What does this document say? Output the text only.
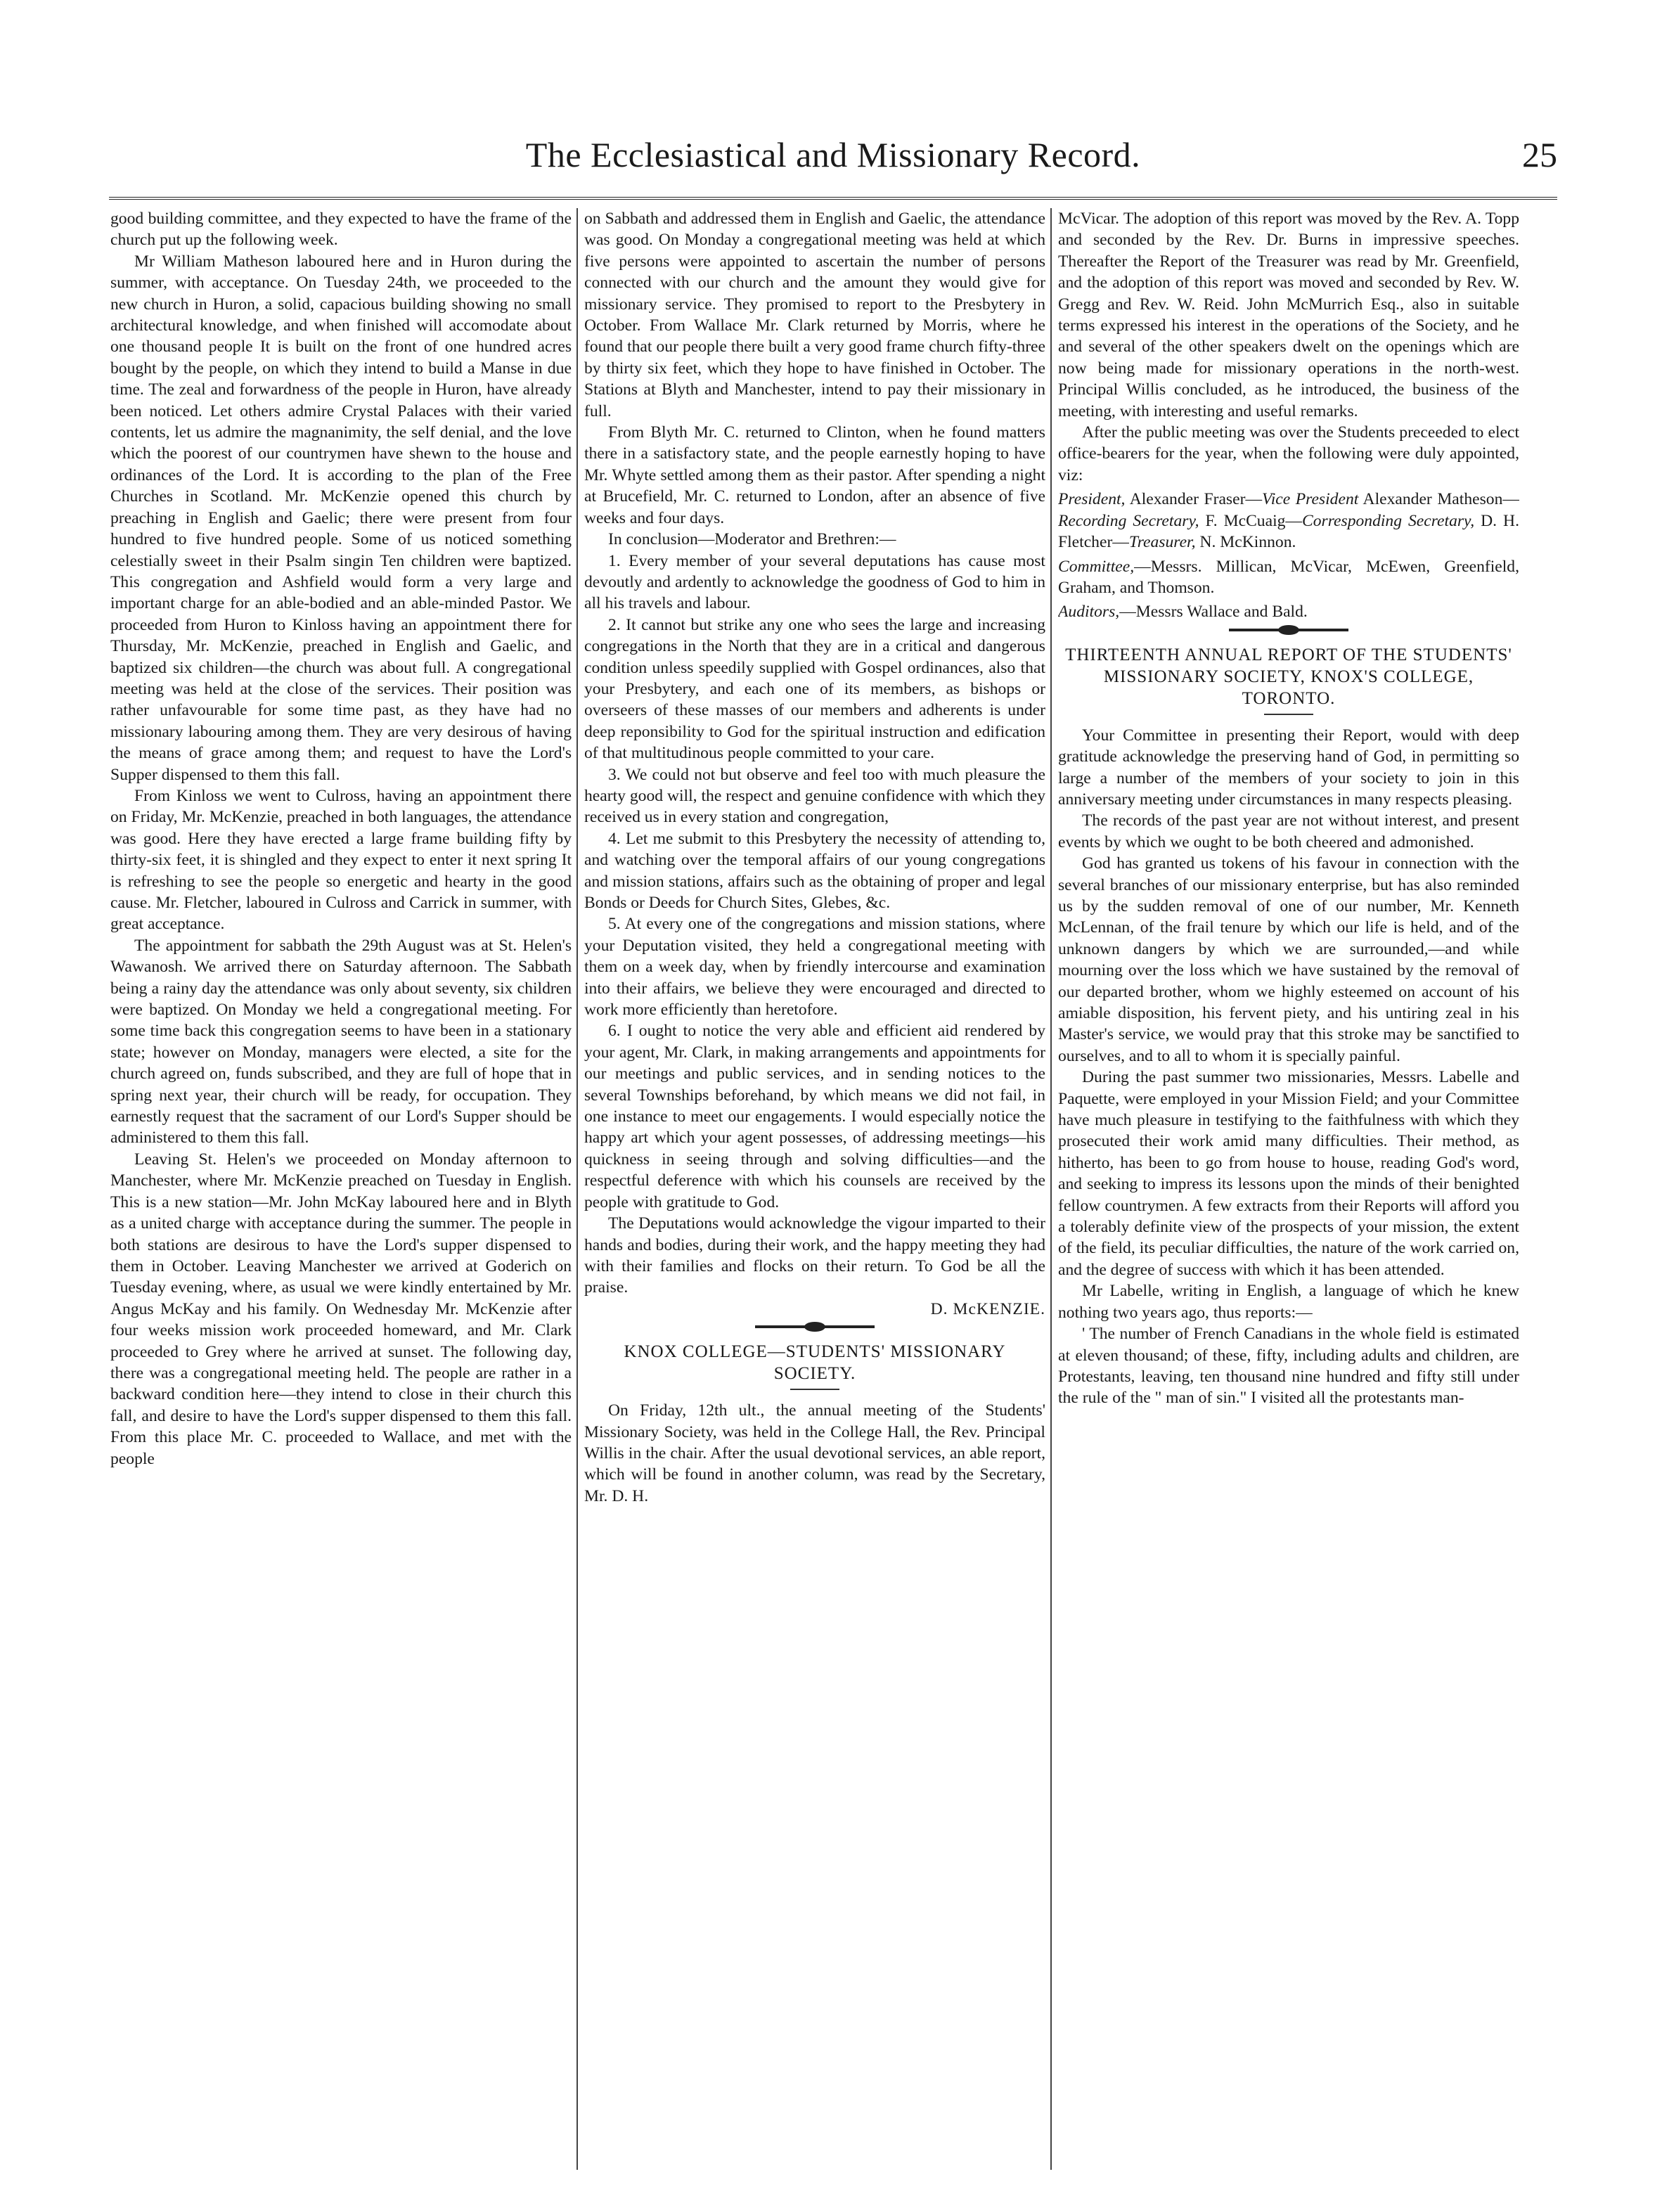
The Ecclesiastical and Missionary Record.	25

good building committee, and they expected to have the frame of the church put up the following week.

Mr William Matheson laboured here and in Huron during the summer, with acceptance. On Tuesday 24th, we proceeded to the new church in Huron, a solid, capacious building showing no small architectural knowledge, and when finished will accomodate about one thousand people It is built on the front of one hundred acres bought by the people, on which they intend to build a Manse in due time. The zeal and forwardness of the people in Huron, have already been noticed. Let others admire Crystal Palaces with their varied contents, let us admire the magnanimity, the self denial, and the love which the poorest of our countrymen have shewn to the house and ordinances of the Lord. It is according to the plan of the Free Churches in Scotland. Mr. McKenzie opened this church by preaching in English and Gaelic; there were present from four hundred to five hundred people. Some of us noticed something celestially sweet in their Psalm singin Ten children were baptized. This congregation and Ashfield would form a very large and important charge for an able-bodied and an able-minded Pastor. We proceeded from Huron to Kinloss having an appointment there for Thursday, Mr. McKenzie, preached in English and Gaelic, and baptized six children—the church was about full. A congregational meeting was held at the close of the services. Their position was rather unfavourable for some time past, as they have had no missionary labouring among them. They are very desirous of having the means of grace among them; and request to have the Lord's Supper dispensed to them this fall.

From Kinloss we went to Culross, having an appointment there on Friday, Mr. McKenzie, preached in both languages, the attendance was good. Here they have erected a large frame building fifty by thirty-six feet, it is shingled and they expect to enter it next spring It is refreshing to see the people so energetic and hearty in the good cause. Mr. Fletcher, laboured in Culross and Carrick in summer, with great acceptance.

The appointment for sabbath the 29th August was at St. Helen's Wawanosh. We arrived there on Saturday afternoon. The Sabbath being a rainy day the attendance was only about seventy, six children were baptized. On Monday we held a congregational meeting. For some time back this congregation seems to have been in a stationary state; however on Monday, managers were elected, a site for the church agreed on, funds subscribed, and they are full of hope that in spring next year, their church will be ready, for occupation. They earnestly request that the sacrament of our Lord's Supper should be administered to them this fall.

Leaving St. Helen's we proceeded on Monday afternoon to Manchester, where Mr. McKenzie preached on Tuesday in English. This is a new station—Mr. John McKay laboured here and in Blyth as a united charge with acceptance during the summer. The people in both stations are desirous to have the Lord's supper dispensed to them in October. Leaving Manchester we arrived at Goderich on Tuesday evening, where, as usual we were kindly entertained by Mr. Angus McKay and his family. On Wednesday Mr. McKenzie after four weeks mission work proceeded homeward, and Mr. Clark proceeded to Grey where he arrived at sunset. The following day, there was a congregational meeting held. The people are rather in a backward condition here—they intend to close in their church this fall, and desire to have the Lord's supper dispensed to them this fall. From this place Mr. C. proceeded to Wallace, and met with the people

on Sabbath and addressed them in English and Gaelic, the attendance was good. On Monday a congregational meeting was held at which five persons were appointed to ascertain the number of persons connected with our church and the amount they would give for missionary service. They promised to report to the Presbytery in October. From Wallace Mr. Clark returned by Morris, where he found that our people there built a very good frame church fifty-three by thirty six feet, which they hope to have finished in October. The Stations at Blyth and Manchester, intend to pay their missionary in full.

From Blyth Mr. C. returned to Clinton, when he found matters there in a satisfactory state, and the people earnestly hoping to have Mr. Whyte settled among them as their pastor. After spending a night at Brucefield, Mr. C. returned to London, after an absence of five weeks and four days.

In conclusion—Moderator and Brethren:—

1. Every member of your several deputations has cause most devoutly and ardently to acknowledge the goodness of God to him in all his travels and labour.

2. It cannot but strike any one who sees the large and increasing congregations in the North that they are in a critical and dangerous condition unless speedily supplied with Gospel ordinances, also that your Presbytery, and each one of its members, as bishops or overseers of these masses of our members and adherents is under deep reponsibility to God for the spiritual instruction and edification of that multitudinous people committed to your care.

3. We could not but observe and feel too with much pleasure the hearty good will, the respect and genuine confidence with which they received us in every station and congregation,

4. Let me submit to this Presbytery the necessity of attending to, and watching over the temporal affairs of our young congregations and mission stations, affairs such as the obtaining of proper and legal Bonds or Deeds for Church Sites, Glebes, &c.

5. At every one of the congregations and mission stations, where your Deputation visited, they held a congregational meeting with them on a week day, when by friendly intercourse and examination into their affairs, we believe they were encouraged and directed to work more efficiently than heretofore.

6. I ought to notice the very able and efficient aid rendered by your agent, Mr. Clark, in making arrangements and appointments for our meetings and public services, and in sending notices to the several Townships beforehand, by which means we did not fail, in one instance to meet our engagements. I would especially notice the happy art which your agent possesses, of addressing meetings—his quickness in seeing through and solving difficulties—and the respectful deference with which his counsels are received by the people with gratitude to God.

The Deputations would acknowledge the vigour imparted to their hands and bodies, during their work, and the happy meeting they had with their families and flocks on their return. To God be all the praise.

D. McKENZIE.

KNOX COLLEGE—STUDENTS' MISSIONARY SOCIETY.

On Friday, 12th ult., the annual meeting of the Students' Missionary Society, was held in the College Hall, the Rev. Principal Willis in the chair. After the usual devotional services, an able report, which will be found in another column, was read by the Secretary, Mr. D. H.

McVicar. The adoption of this report was moved by the Rev. A. Topp and seconded by the Rev. Dr. Burns in impressive speeches. Thereafter the Report of the Treasurer was read by Mr. Greenfield, and the adoption of this report was moved and seconded by Rev. W. Gregg and Rev. W. Reid. John McMurrich Esq., also in suitable terms expressed his interest in the operations of the Society, and he and several of the other speakers dwelt on the openings which are now being made for missionary operations in the north-west. Principal Willis concluded, as he introduced, the business of the meeting, with interesting and useful remarks.

After the public meeting was over the Students preceeded to elect office-bearers for the year, when the following were duly appointed, viz:

President, Alexander Fraser—Vice President Alexander Matheson—Recording Secretary, F. McCuaig—Corresponding Secretary, D. H. Fletcher—Treasurer, N. McKinnon.

Committee,—Messrs. Millican, McVicar, McEwen, Greenfield, Graham, and Thomson.

Auditors,—Messrs Wallace and Bald.

THIRTEENTH ANNUAL REPORT OF THE STUDENTS' MISSIONARY SOCIETY, KNOX'S COLLEGE, TORONTO.

Your Committee in presenting their Report, would with deep gratitude acknowledge the preserving hand of God, in permitting so large a number of the members of your society to join in this anniversary meeting under circumstances in many respects pleasing.

The records of the past year are not without interest, and present events by which we ought to be both cheered and admonished.

God has granted us tokens of his favour in connection with the several branches of our missionary enterprise, but has also reminded us by the sudden removal of one of our number, Mr. Kenneth McLennan, of the frail tenure by which our life is held, and of the unknown dangers by which we are surrounded,—and while mourning over the loss which we have sustained by the removal of our departed brother, whom we highly esteemed on account of his amiable disposition, his fervent piety, and his untiring zeal in his Master's service, we would pray that this stroke may be sanctified to ourselves, and to all to whom it is specially painful.

During the past summer two missionaries, Messrs. Labelle and Paquette, were employed in your Mission Field; and your Committee have much pleasure in testifying to the faithfulness with which they prosecuted their work amid many difficulties. Their method, as hitherto, has been to go from house to house, reading God's word, and seeking to impress its lessons upon the minds of their benighted fellow countrymen. A few extracts from their Reports will afford you a tolerably definite view of the prospects of your mission, the extent of the field, its peculiar difficulties, the nature of the work carried on, and the degree of success with which it has been attended.

Mr Labelle, writing in English, a language of which he knew nothing two years ago, thus reports:—

' The number of French Canadians in the whole field is estimated at eleven thousand; of these, fifty, including adults and children, are Protestants, leaving, ten thousand nine hundred and fifty still under the rule of the " man of sin." I visited all the protestants man-
